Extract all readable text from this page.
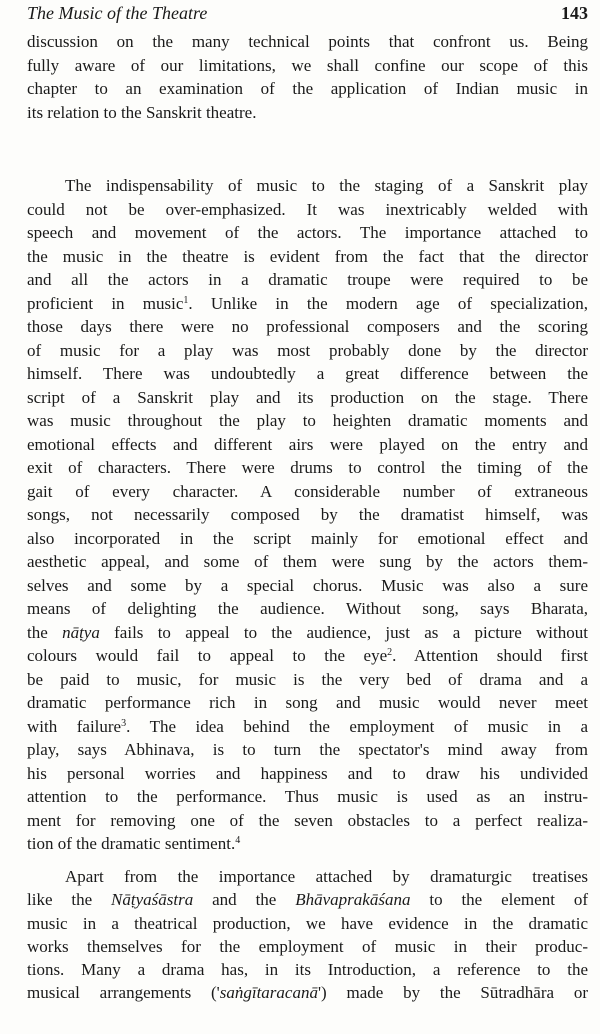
The Music of the Theatre	143
discussion on the many technical points that confront us. Being
fully aware of our limitations, we shall confine our scope of this
chapter to an examination of the application of Indian music in
its relation to the Sanskrit theatre.
The indispensability of music to the staging of a Sanskrit play
could not be over-emphasized. It was inextricably welded with
speech and movement of the actors. The importance attached to
the music in the theatre is evident from the fact that the director
and all the actors in a dramatic troupe were required to be
proficient in music$^1$. Unlike in the modern age of specialization,
those days there were no professional composers and the scoring
of music for a play was most probably done by the director
himself. There was undoubtedly a great difference between the
script of a Sanskrit play and its production on the stage. There
was music throughout the play to heighten dramatic moments and
emotional effects and different airs were played on the entry and
exit of characters. There were drums to control the timing of the
gait of every character. A considerable number of extraneous
songs, not necessarily composed by the dramatist himself, was
also incorporated in the script mainly for emotional effect and
aesthetic appeal, and some of them were sung by the actors them-
selves and some by a special chorus. Music was also a sure
means of delighting the audience. Without song, says Bharata,
the nāṭya fails to appeal to the audience, just as a picture without
colours would fail to appeal to the eye$^2$. Attention should first
be paid to music, for music is the very bed of drama and a
dramatic performance rich in song and music would never meet
with failure$^3$. The idea behind the employment of music in a
play, says Abhinava, is to turn the spectator's mind away from
his personal worries and happiness and to draw his undivided
attention to the performance. Thus music is used as an instru-
ment for removing one of the seven obstacles to a perfect realiza-
tion of the dramatic sentiment.$^4$
Apart from the importance attached by dramaturgic treatises
like the Nāṭyaśāstra and the Bhāvaprakāśana to the element of
music in a theatrical production, we have evidence in the dramatic
works themselves for the employment of music in their produc-
tions. Many a drama has, in its Introduction, a reference to the
musical arrangements ('saṅgītaracanā') made by the Sūtradhāra or
